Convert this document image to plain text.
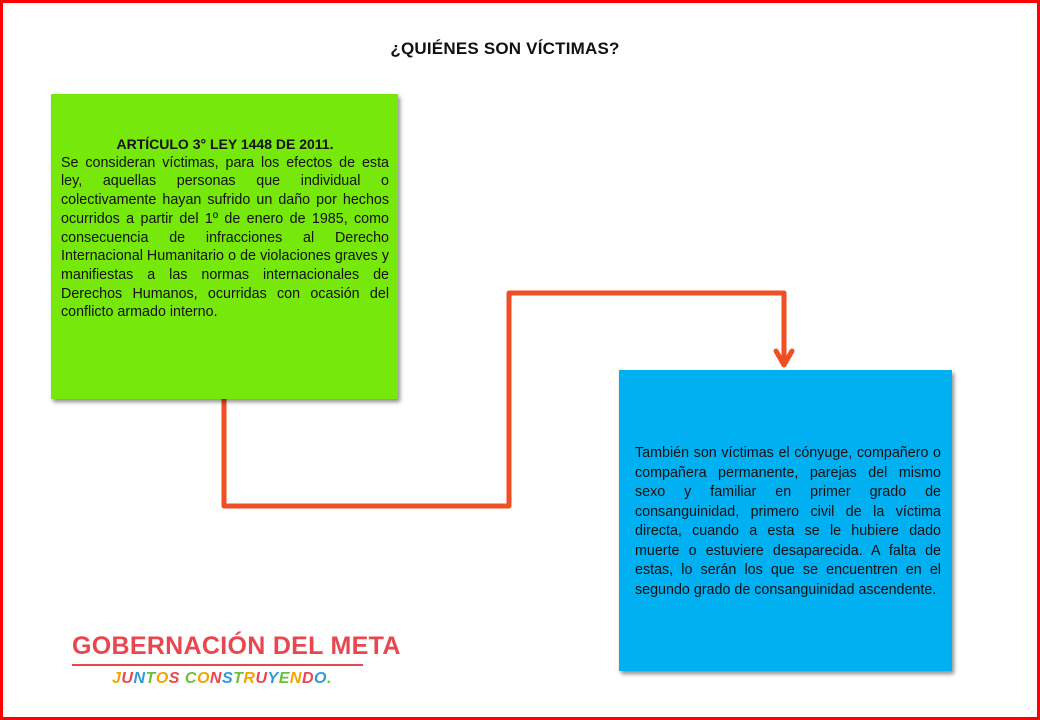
¿QUIÉNES SON VÍCTIMAS?
ARTÍCULO 3° LEY 1448 DE 2011.
Se consideran víctimas, para los efectos de esta ley, aquellas personas que individual o colectivamente hayan sufrido un daño por hechos ocurridos a partir del 1º de enero de 1985, como consecuencia de infracciones al Derecho Internacional Humanitario o de violaciones graves y manifiestas a las normas internacionales de Derechos Humanos, ocurridas con ocasión del conflicto armado interno.
También son víctimas el cónyuge, compañero o compañera permanente, parejas del mismo sexo y familiar en primer grado de consanguinidad, primero civil de la víctima directa, cuando a esta se le hubiere dado muerte o estuviere desaparecida. A falta de estas, lo serán los que se encuentren en el segundo grado de consanguinidad ascendente.
GOBERNACIÓN DEL META
JUNTOS CONSTRUYENDO.
